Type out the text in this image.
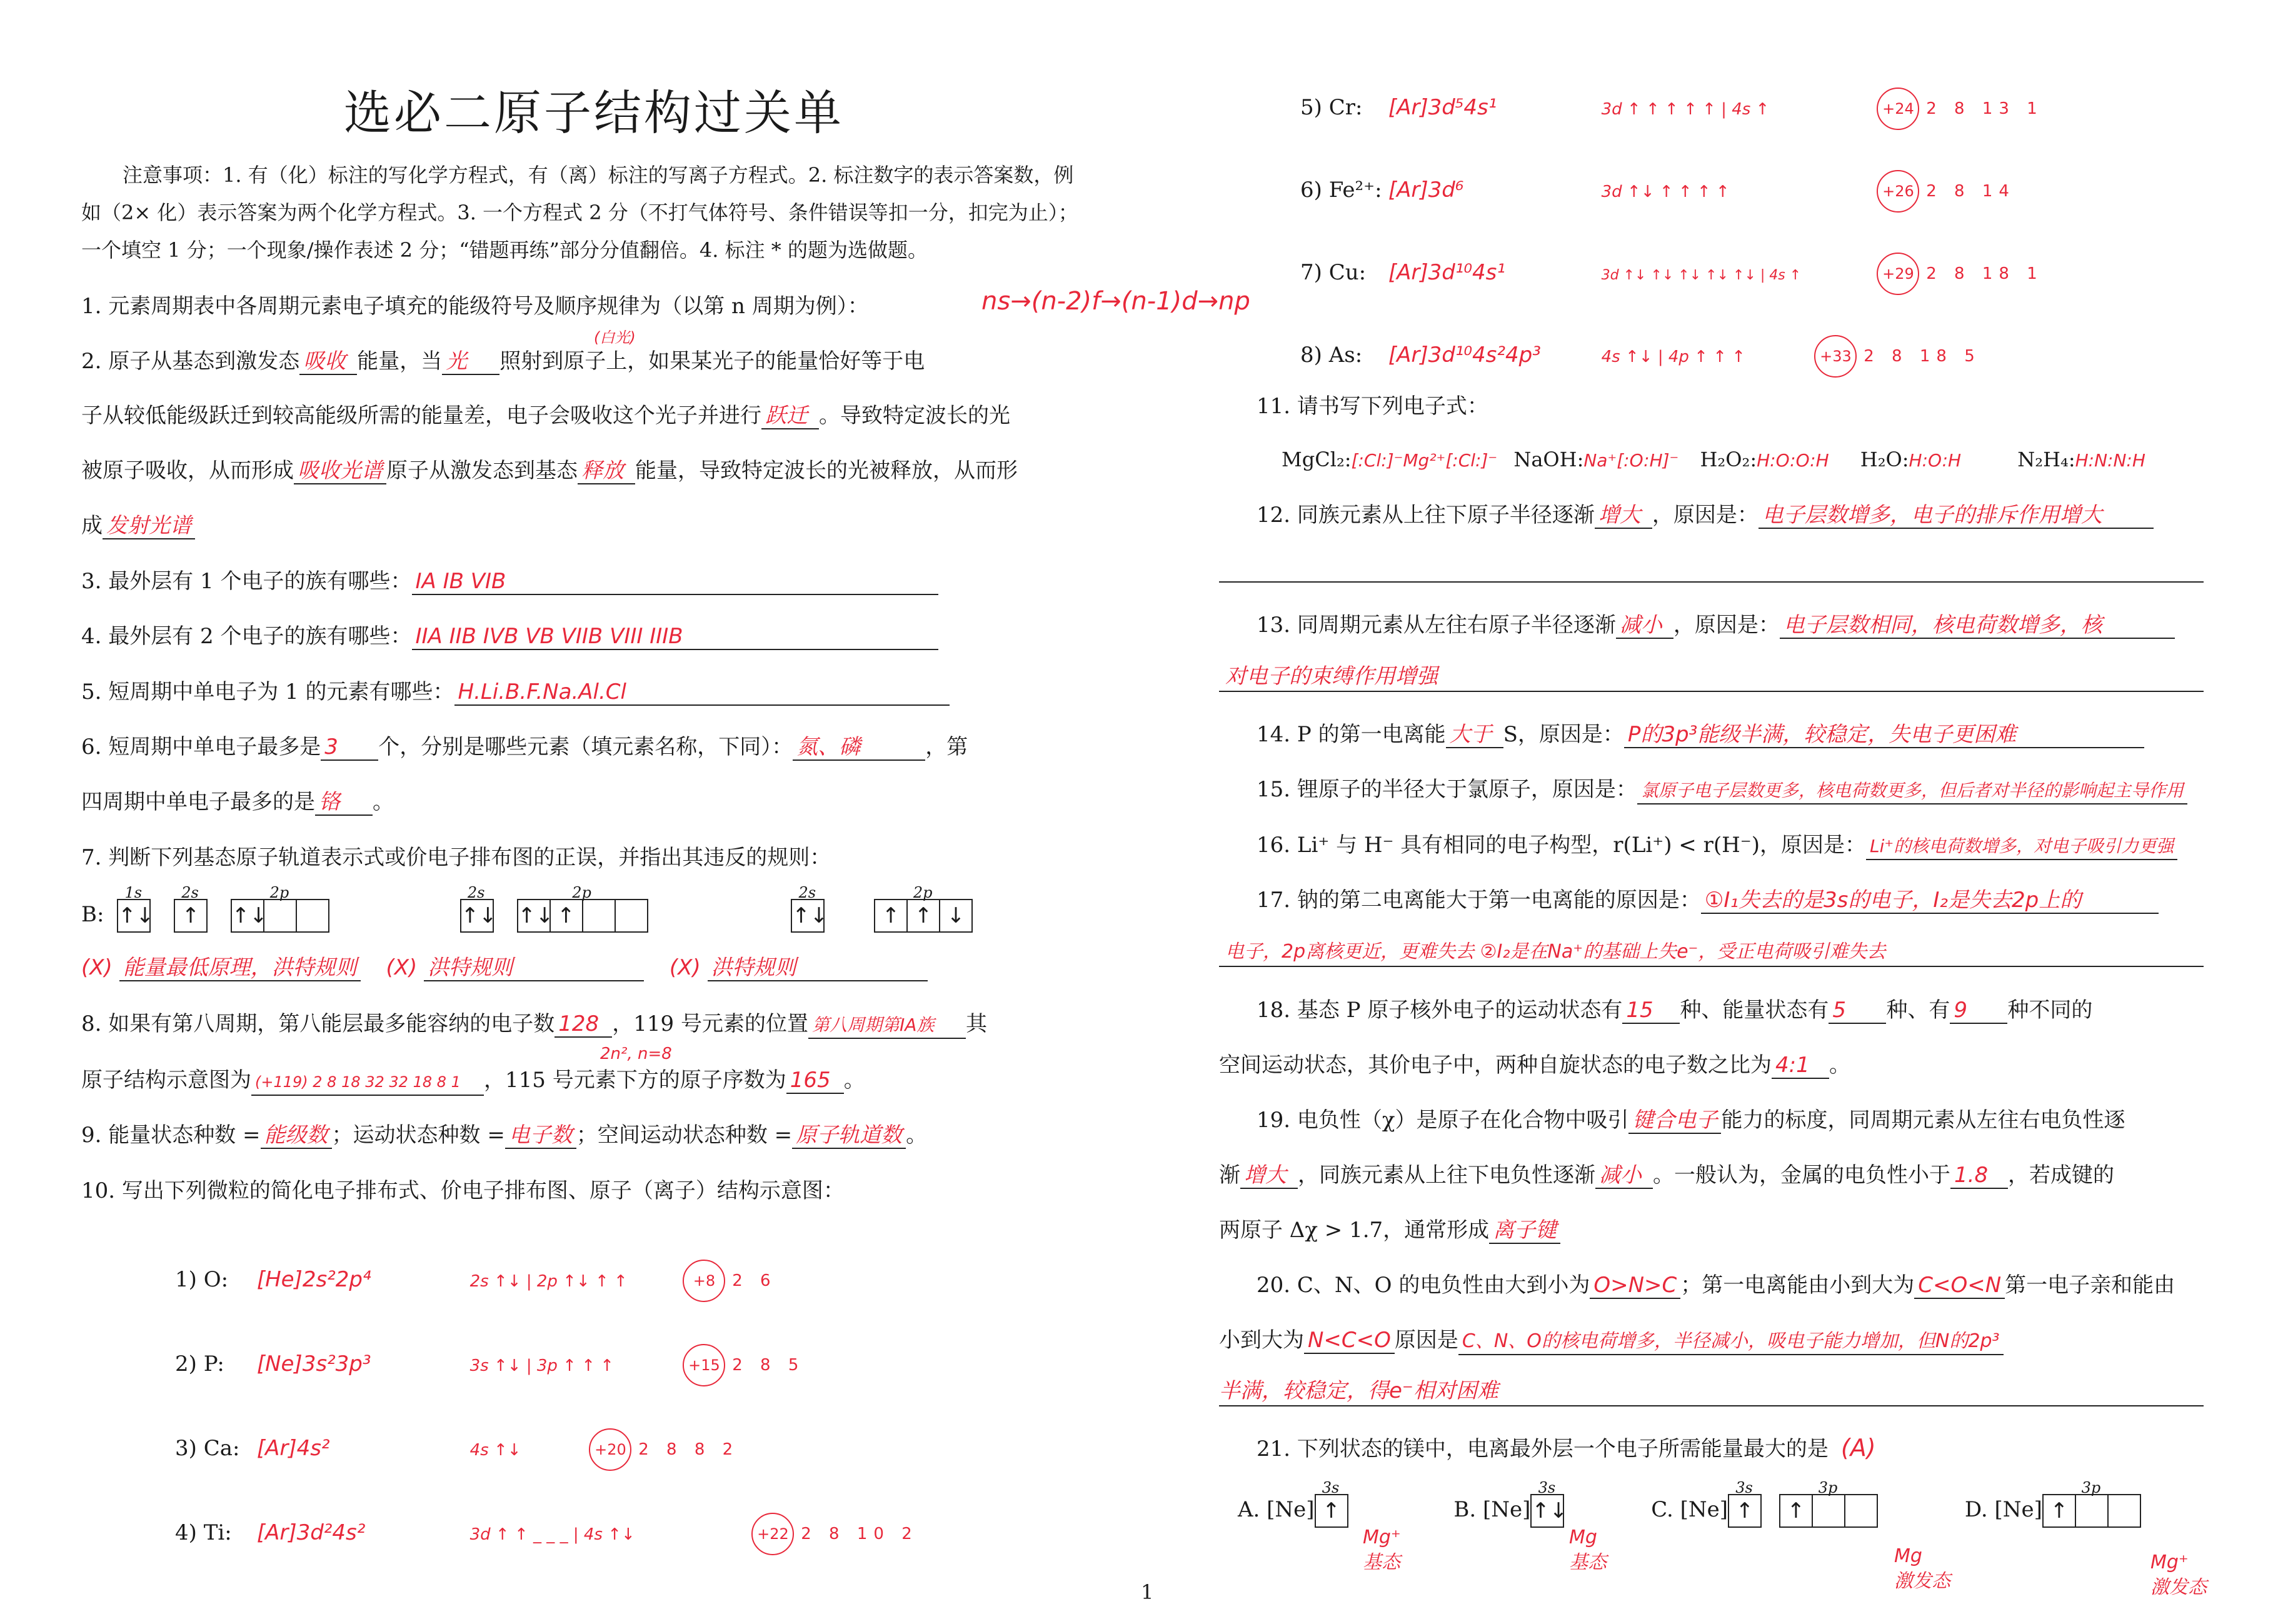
选必二原子结构过关单
注意事项：1. 有（化）标注的写化学方程式，有（离）标注的写离子方程式。2. 标注数字的表示答案数，例如（2× 化）表示答案为两个化学方程式。3. 一个方程式 2 分（不打气体符号、条件错误等扣一分，扣完为止）；一个填空 1 分；一个现象/操作表述 2 分；“错题再练”部分分值翻倍。4. 标注 * 的题为选做题。
1. 元素周期表中各周期元素电子填充的能级符号及顺序规律为（以第 n 周期为例）：	ns→(n-2)f→(n-1)d→np
2. 原子从基态到激发态 吸收 能量，当 光 照射到原子上，如果某光子的能量恰好等于电
(白光)
子从较低能级跃迁到较高能级所需的能量差，电子会吸收这个光子并进行 跃迁 。导致特定波长的光
被原子吸收，从而形成 吸收光谱 原子从激发态到基态 释放 能量，导致特定波长的光被释放，从而形
成 发射光谱
3. 最外层有 1 个电子的族有哪些： IA IB VIB
4. 最外层有 2 个电子的族有哪些： IIA IIB IVB VB VIIB VIII IIIB
5. 短周期中单电子为 1 的元素有哪些： H.Li.B.F.Na.Al.Cl
6. 短周期中单电子最多是 3 个，分别是哪些元素（填元素名称，下同）： 氮、磷	，第
四周期中单电子最多的是 铬 。
7. 判断下列基态原子轨道表示式或价电子排布图的正误，并指出其违反的规则：
B:
1s
↑↓
2s
↑
2p
↑↓
2s
↑↓
2p
↑↓ ↑
2s
↑↓
2p
↑ ↑ ↓
(X) 能量最低原理，洪特规则 (X) 洪特规则	(X) 洪特规则
8. 如果有第八周期，第八能层最多能容纳的电子数 128 ，119 号元素的位置 第八周期第IA族 其
2n², n=8
原子结构示意图为 (+119) 2 8 18 32 32 18 8 1 ，115 号元素下方的原子序数为 165 。
9. 能量状态种数 = 能级数 ；运动状态种数 = 电子数 ；空间运动状态种数 = 原子轨道数 。
10. 写出下列微粒的简化电子排布式、价电子排布图、原子（离子）结构示意图：
1) O: [He]2s²2p⁴	2s ↑↓ | 2p ↑↓ ↑ ↑	+8 2 6
2) P: [Ne]3s²3p³	3s ↑↓ | 3p ↑ ↑ ↑	+15 2 8 5
3) Ca: [Ar]4s²	4s ↑↓	+20 2 8 8 2
4) Ti: [Ar]3d²4s²	3d ↑ ↑ _ _ _ | 4s ↑↓	+22 2 8 10 2
5) Cr: [Ar]3d⁵4s¹	3d ↑ ↑ ↑ ↑ ↑ | 4s ↑	+24 2 8 13 1
6) Fe²⁺: [Ar]3d⁶	3d ↑↓ ↑ ↑ ↑ ↑	+26 2 8 14
7) Cu: [Ar]3d¹⁰4s¹	3d ↑↓ ↑↓ ↑↓ ↑↓ ↑↓ | 4s ↑	+29 2 8 18 1
8) As: [Ar]3d¹⁰4s²4p³	4s ↑↓ | 4p ↑ ↑ ↑	+33 2 8 18 5
11. 请书写下列电子式：
MgCl₂:[:Cl:]⁻Mg²⁺[:Cl:]⁻ NaOH:Na⁺[:O:H]⁻ H₂O₂:H:O:O:H H₂O:H:O:H	N₂H₄:H:N:N:H
12. 同族元素从上往下原子半径逐渐 增大 ，原因是： 电子层数增多，电子的排斥作用增大
13. 同周期元素从左往右原子半径逐渐 减小 ，原因是： 电子层数相同，核电荷数增多，核
对电子的束缚作用增强
14. P 的第一电离能 大于 S，原因是： P的3p³能级半满，较稳定，失电子更困难
15. 锂原子的半径大于氯原子，原因是： 氯原子电子层数更多，核电荷数更多，但后者对半径的影响起主导作用
16. Li⁺ 与 H⁻ 具有相同的电子构型，r(Li⁺) < r(H⁻)，原因是： Li⁺的核电荷数增多，对电子吸引力更强
17. 钠的第二电离能大于第一电离能的原因是： ①I₁失去的是3s的电子，I₂是失去2p上的
电子，2p离核更近，更难失去 ②I₂是在Na⁺的基础上失e⁻，受正电荷吸引难失去
18. 基态 P 原子核外电子的运动状态有 15 种、能量状态有 5 种、有 9 种不同的
空间运动状态，其价电子中，两种自旋状态的电子数之比为 4:1 。
19. 电负性（χ）是原子在化合物中吸引 键合电子 能力的标度，同周期元素从左往右电负性逐
渐 增大 ，同族元素从上往下电负性逐渐 减小 。一般认为，金属的电负性小于 1.8 ，若成键的
两原子 Δχ > 1.7，通常形成 离子键
20. C、N、O 的电负性由大到小为 O>N>C ；第一电离能由小到大为 C<O<N 第一电子亲和能由
小到大为 N<C<O 原因是 C、N、O的核电荷增多，半径减小，吸电子能力增加，但N的2p³
半满，较稳定，得e⁻相对困难
21. 下列状态的镁中，电离最外层一个电子所需能量最大的是 (A)
A. [Ne]
3s
↑	B. [Ne]
3s
↑↓	C. [Ne]
3s
↑
3p
↑	D. [Ne]
3p
↑
Mg⁺
基态
Mg
基态	Mg
激发态
Mg⁺
激发态
1
